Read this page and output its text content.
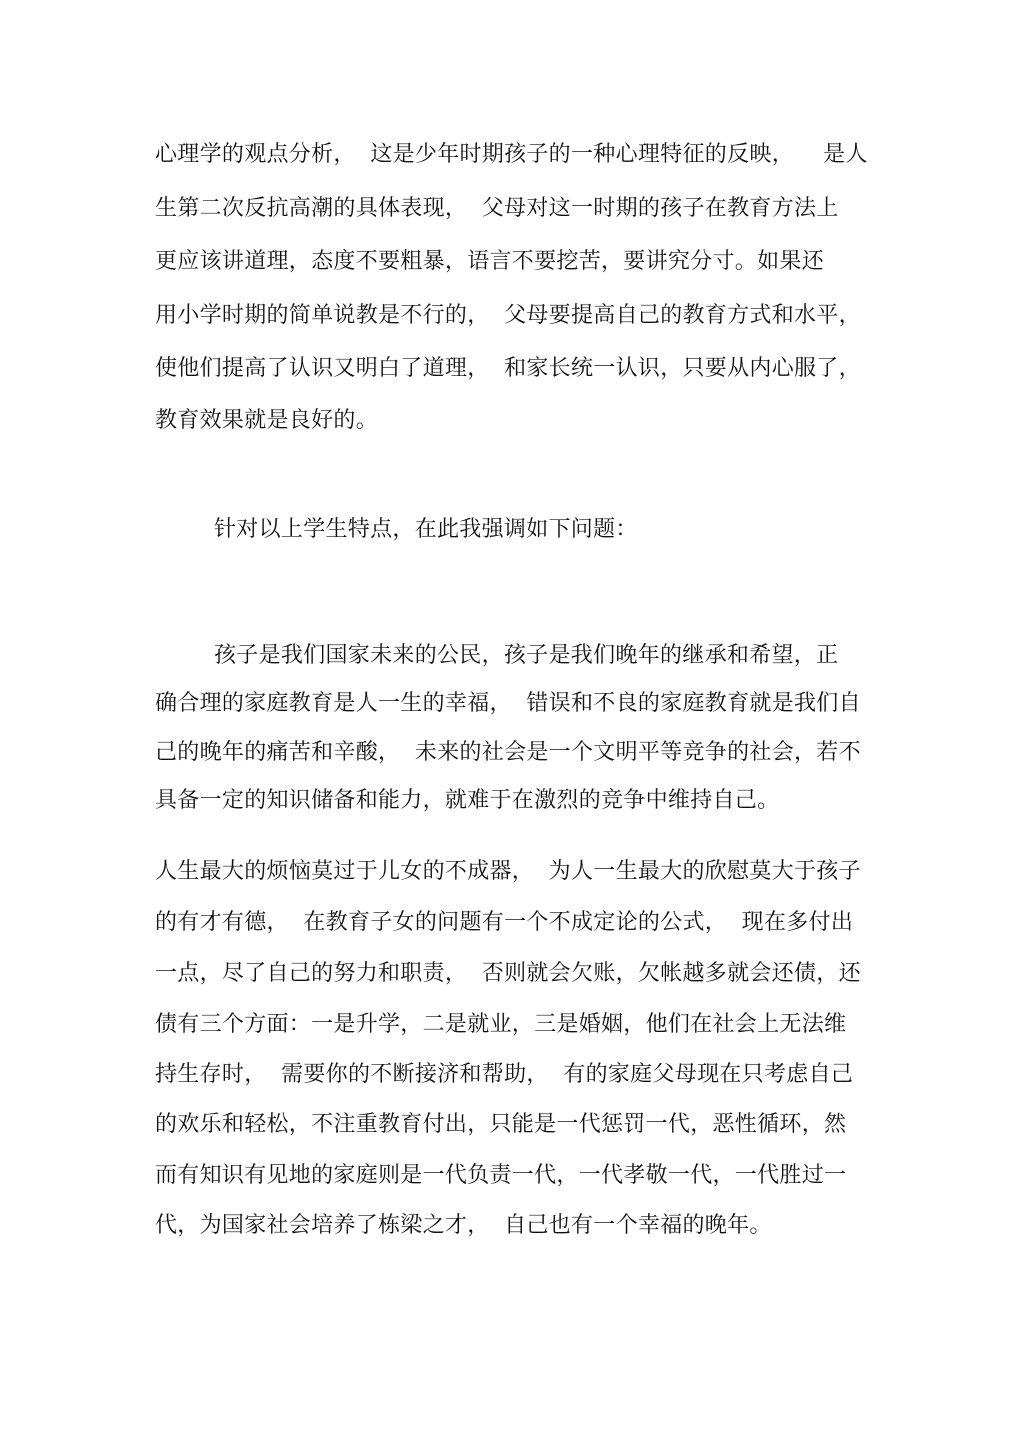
心理学的观点分析，  这是少年时期孩子的一种心理特征的反映，    是人
生第二次反抗高潮的具体表现，  父母对这一时期的孩子在教育方法上
更应该讲道理，态度不要粗暴，语言不要挖苦，要讲究分寸。如果还
用小学时期的简单说教是不行的，  父母要提高自己的教育方式和水平，
使他们提高了认识又明白了道理，  和家长统一认识，只要从内心服了，
教育效果就是良好的。
针对以上学生特点，在此我强调如下问题：
孩子是我们国家未来的公民，孩子是我们晚年的继承和希望，正
确合理的家庭教育是人一生的幸福，  错误和不良的家庭教育就是我们自
己的晚年的痛苦和辛酸，  未来的社会是一个文明平等竞争的社会，若不
具备一定的知识储备和能力，就难于在激烈的竞争中维持自己。
人生最大的烦恼莫过于儿女的不成器，  为人一生最大的欣慰莫大于孩子
的有才有德，  在教育子女的问题有一个不成定论的公式，  现在多付出
一点，尽了自己的努力和职责，  否则就会欠账，欠帐越多就会还债，还
债有三个方面：一是升学，二是就业，三是婚姻，他们在社会上无法维
持生存时，  需要你的不断接济和帮助，  有的家庭父母现在只考虑自己
的欢乐和轻松，不注重教育付出，只能是一代惩罚一代，恶性循环，然
而有知识有见地的家庭则是一代负责一代，一代孝敬一代，一代胜过一
代，为国家社会培养了栋梁之才，  自己也有一个幸福的晚年。
